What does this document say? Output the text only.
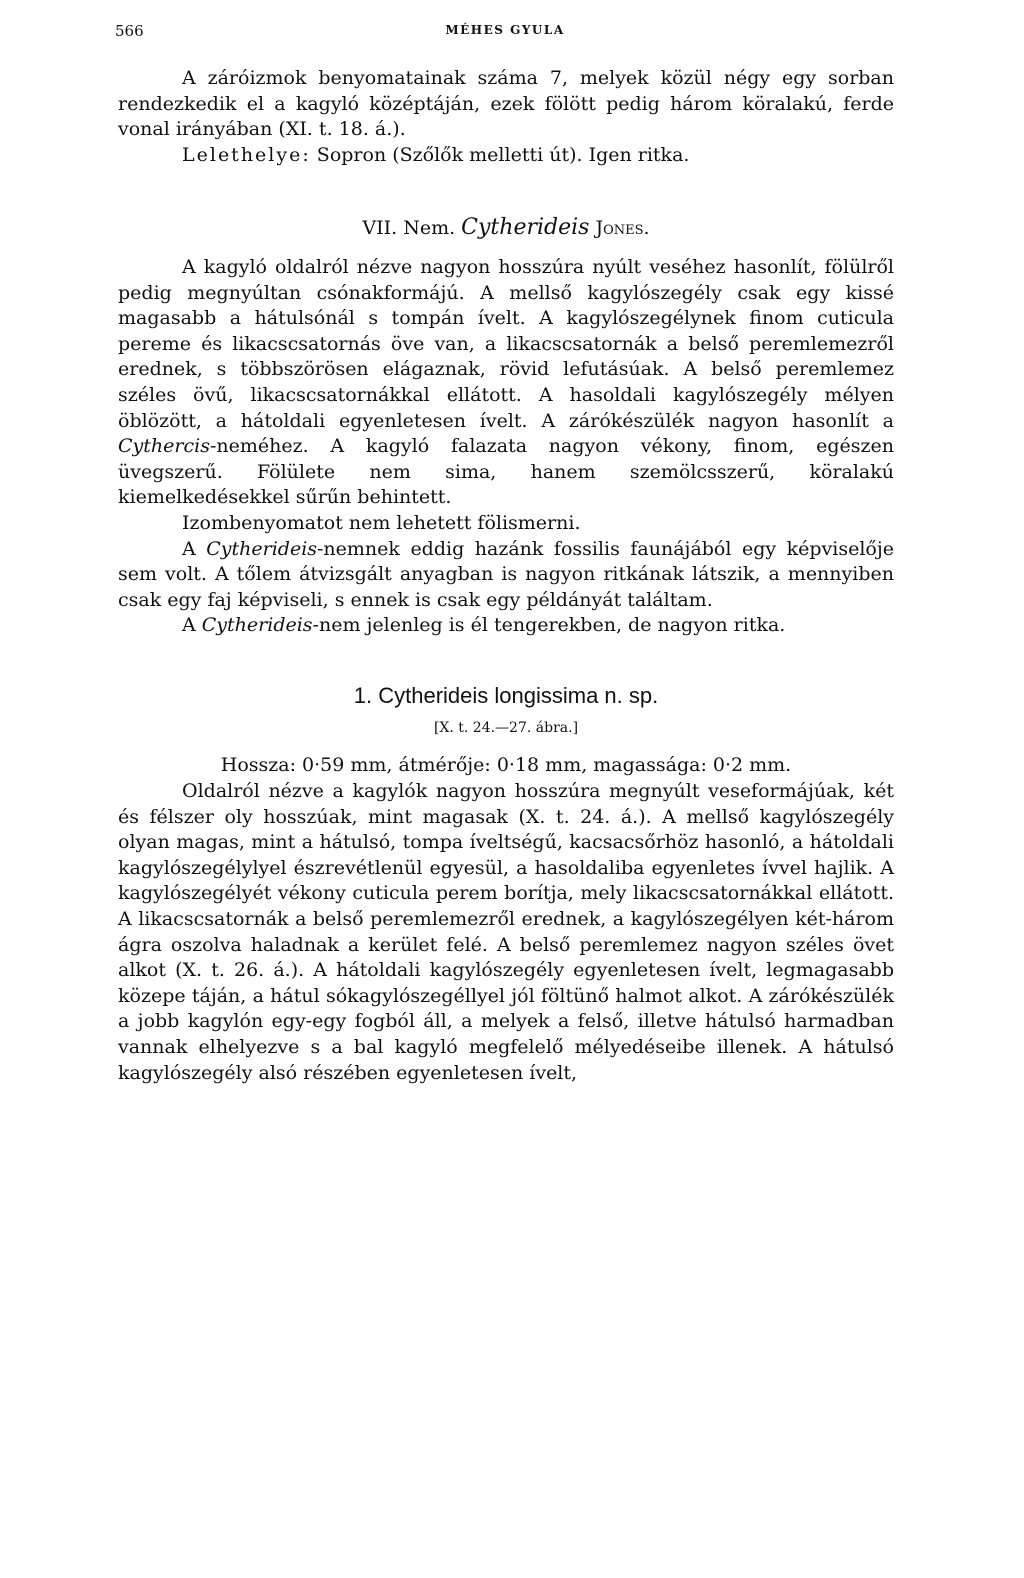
566	MÉHES GYULA

A záróizmok benyomatainak száma 7, melyek közül négy egy sorban rendezkedik el a kagyló középtáján, ezek fölött pedig három köralakú, ferde vonal irányában (XI. t. 18. á.).

Lelethelye: Sopron (Szőlők melletti út). Igen ritka.

VII. Nem. Cytherideis Jones.

A kagyló oldalról nézve nagyon hosszúra nyúlt veséhez hasonlít, fölülről pedig megnyúltan csónakformájú. A mellső kagylószegély csak egy kissé magasabb a hátulsónál s tompán ívelt. A kagylószegélynek finom cuticula pereme és likacscsatornás öve van, a likacscsatornák a belső peremlemezről erednek, s többszörösen elágaznak, rövid lefutásúak. A belső peremlemez széles övű, likacscsatornákkal ellátott. A hasoldali kagylószegély mélyen öblözött, a hátoldali egyenletesen ívelt. A zárókészülék nagyon hasonlít a Cythercis-neméhez. A kagyló falazata nagyon vékony, finom, egészen üvegszerű. Fölülete nem sima, hanem szemölcsszerű, köralakú kiemelkedésekkel sűrűn behintett.

Izombenyomatot nem lehetett fölismerni.

A Cytherideis-nemnek eddig hazánk fossilis faunájából egy képviselője sem volt. A tőlem átvizsgált anyagban is nagyon ritkának látszik, a mennyiben csak egy faj képviseli, s ennek is csak egy példányát találtam.

A Cytherideis-nem jelenleg is él tengerekben, de nagyon ritka.

1. Cytherideis longissima n. sp.
[X. t. 24.—27. ábra.]

Hossza: 0·59 mm, átmérője: 0·18 mm, magassága: 0·2 mm.

Oldalról nézve a kagylók nagyon hosszúra megnyúlt veseformájúak, két és félszer oly hosszúak, mint magasak (X. t. 24. á.). A mellső kagylószegély olyan magas, mint a hátulsó, tompa íveltségű, kacsacsőrhöz hasonló, a hátoldali kagylószegélylyel észrevétlenül egyesül, a hasoldaliba egyenletes ívvel hajlik. A kagylószegélyét vékony cuticula perem borítja, mely likacscsatornákkal ellátott. A likacscsatornák a belső peremlemezről erednek, a kagylószegélyen két-három ágra oszolva haladnak a kerület felé. A belső peremlemez nagyon széles övet alkot (X. t. 26. á.). A hátoldali kagylószegély egyenletesen ívelt, legmagasabb közepe táján, a hátul sókagylószegéllyel jól föltünő halmot alkot. A zárókészülék a jobb kagylón egy-egy fogból áll, a melyek a felső, illetve hátulsó harmadban vannak elhelyezve s a bal kagyló megfelelő mélyedéseibe illenek. A hátulsó kagylószegély alsó részében egyenletesen ívelt,
